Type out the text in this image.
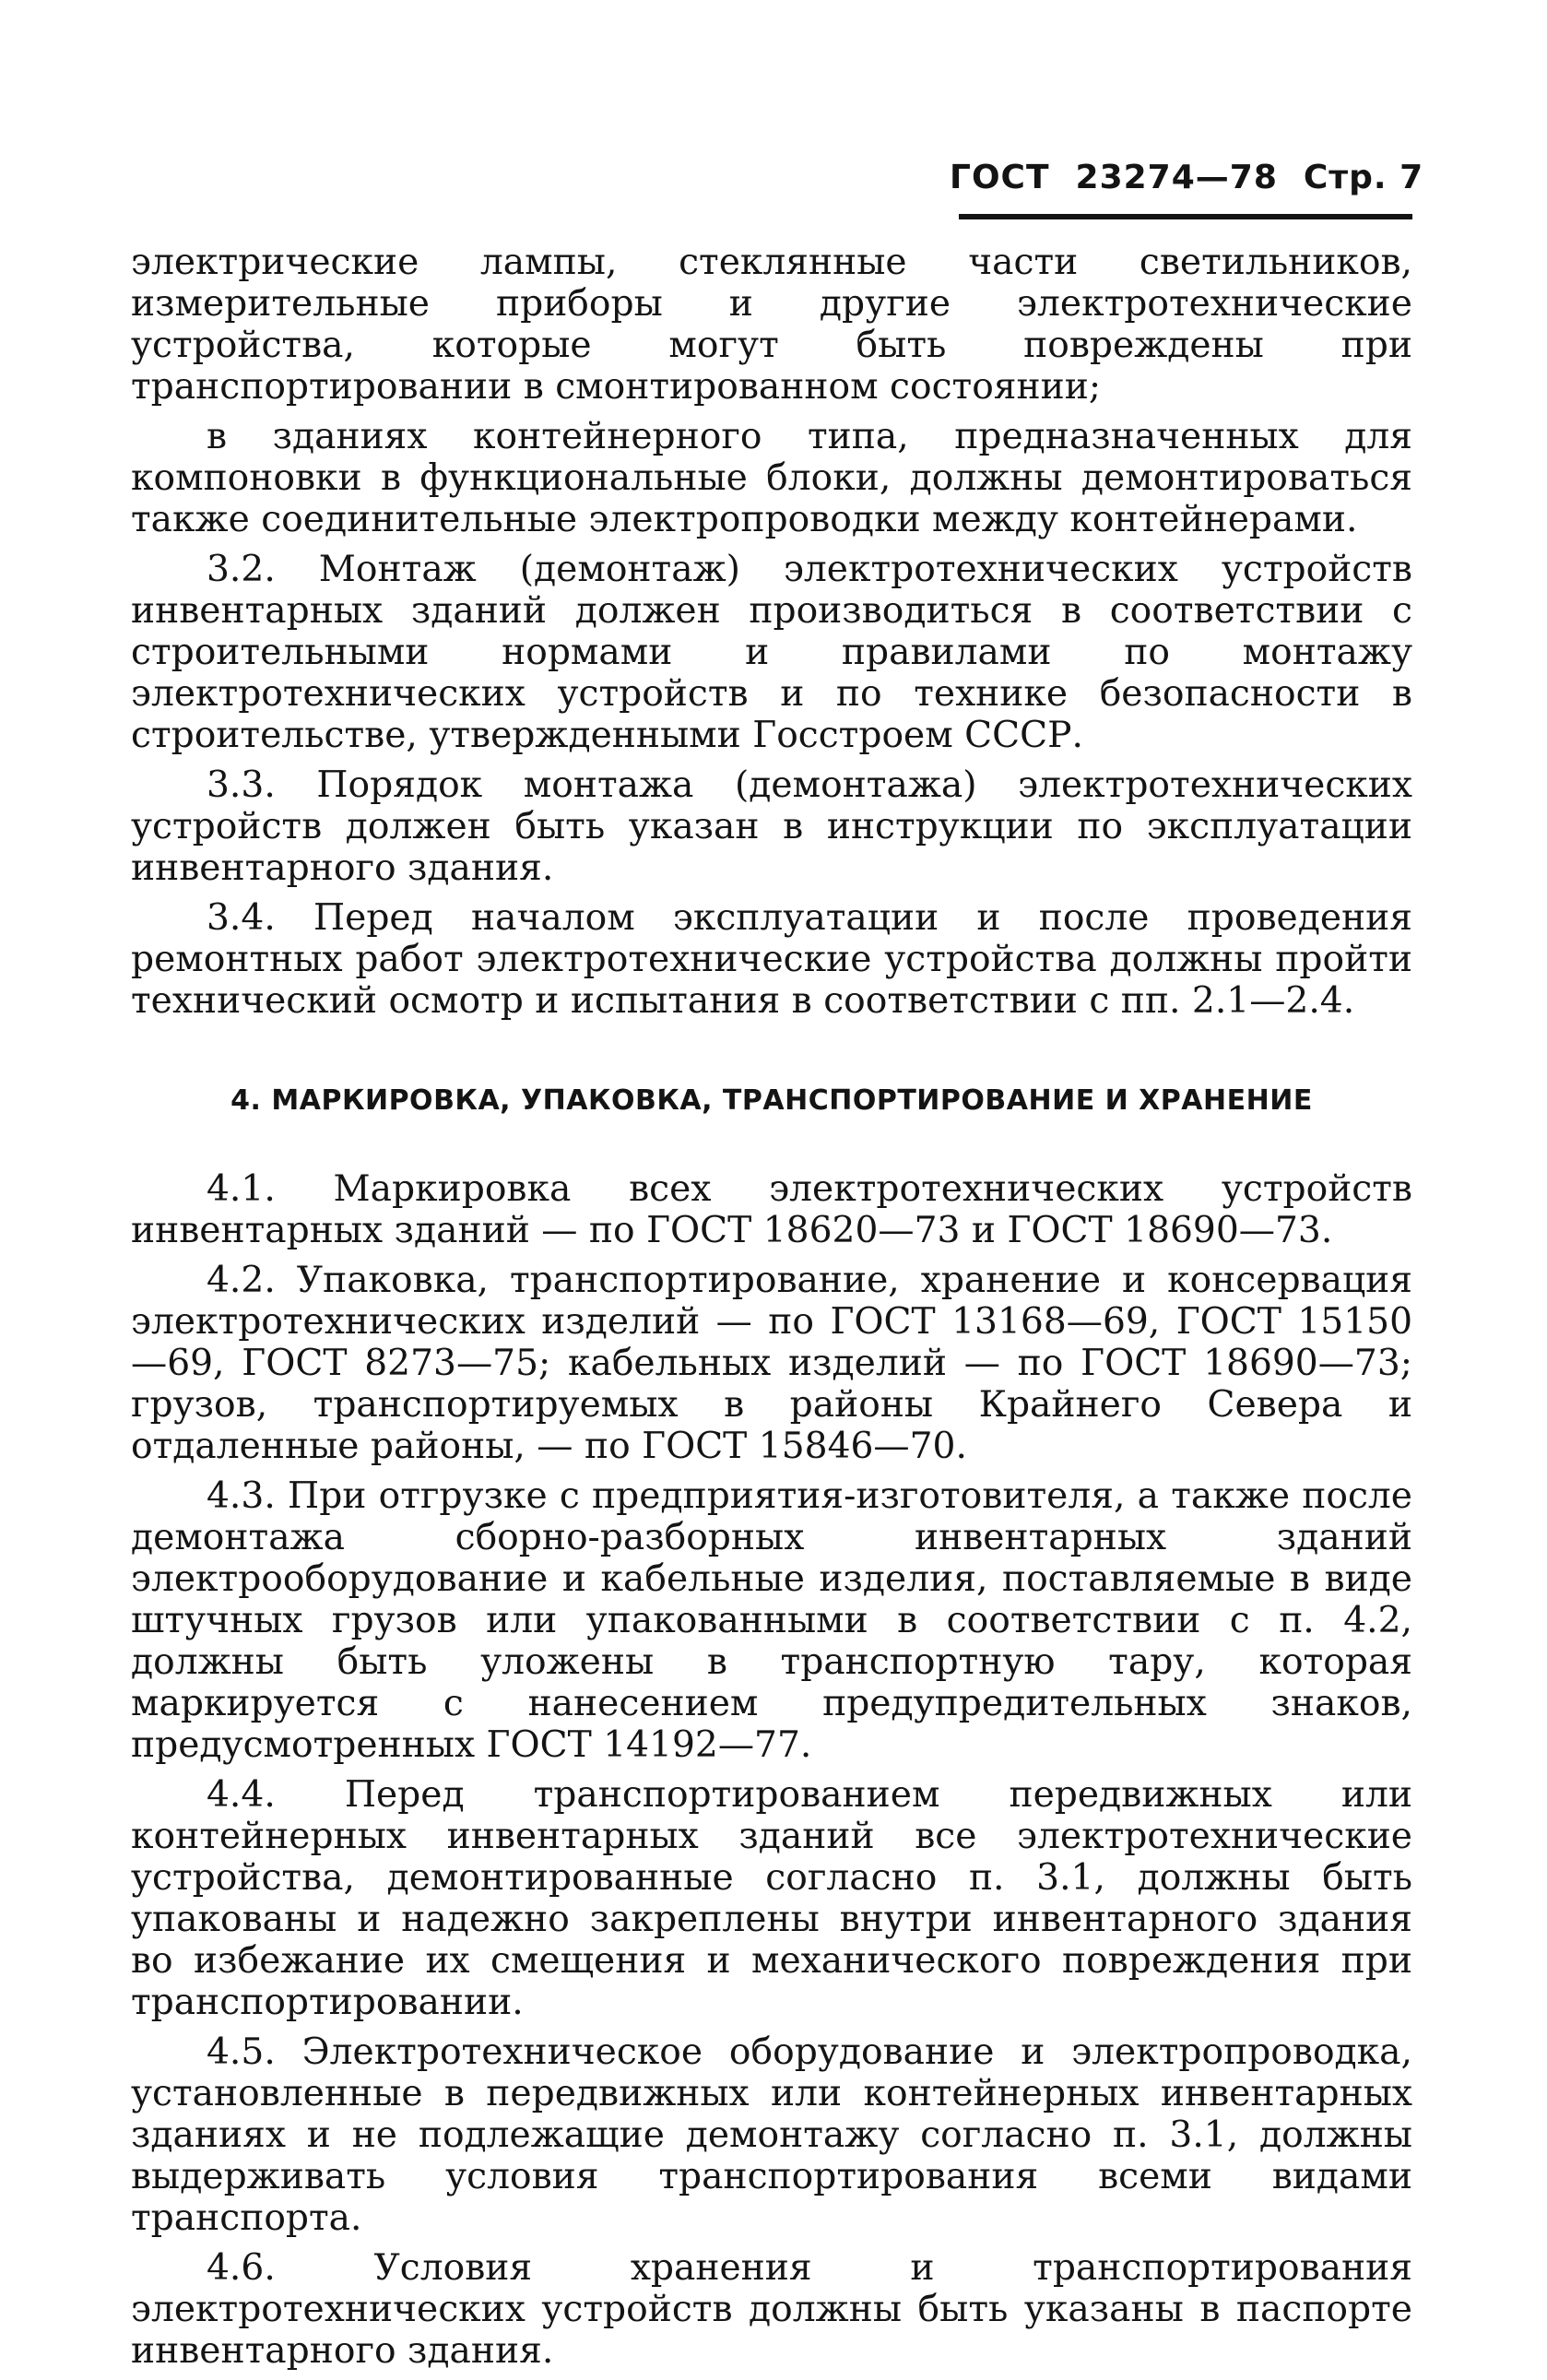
ГОСТ 23274—78 Стр. 7

электрические лампы, стеклянные части светильников, измерительные приборы и другие электротехнические устройства, которые могут быть повреждены при транспортировании в смонтированном состоянии;

в зданиях контейнерного типа, предназначенных для компоновки в функциональные блоки, должны демонтироваться также соединительные электропроводки между контейнерами.

3.2. Монтаж (демонтаж) электротехнических устройств инвентарных зданий должен производиться в соответствии с строительными нормами и правилами по монтажу электротехнических устройств и по технике безопасности в строительстве, утвержденными Госстроем СССР.

3.3. Порядок монтажа (демонтажа) электротехнических устройств должен быть указан в инструкции по эксплуатации инвентарного здания.

3.4. Перед началом эксплуатации и после проведения ремонтных работ электротехнические устройства должны пройти технический осмотр и испытания в соответствии с пп. 2.1—2.4.

4. МАРКИРОВКА, УПАКОВКА, ТРАНСПОРТИРОВАНИЕ И ХРАНЕНИЕ

4.1. Маркировка всех электротехнических устройств инвентарных зданий — по ГОСТ 18620—73 и ГОСТ 18690—73.

4.2. Упаковка, транспортирование, хранение и консервация электротехнических изделий — по ГОСТ 13168—69, ГОСТ 15150—69, ГОСТ 8273—75; кабельных изделий — по ГОСТ 18690—73; грузов, транспортируемых в районы Крайнего Севера и отдаленные районы, — по ГОСТ 15846—70.

4.3. При отгрузке с предприятия-изготовителя, а также после демонтажа сборно-разборных инвентарных зданий электрооборудование и кабельные изделия, поставляемые в виде штучных грузов или упакованными в соответствии с п. 4.2, должны быть уложены в транспортную тару, которая маркируется с нанесением предупредительных знаков, предусмотренных ГОСТ 14192—77.

4.4. Перед транспортированием передвижных или контейнерных инвентарных зданий все электротехнические устройства, демонтированные согласно п. 3.1, должны быть упакованы и надежно закреплены внутри инвентарного здания во избежание их смещения и механического повреждения при транспортировании.

4.5. Электротехническое оборудование и электропроводка, установленные в передвижных или контейнерных инвентарных зданиях и не подлежащие демонтажу согласно п. 3.1, должны выдерживать условия транспортирования всеми видами транспорта.

4.6. Условия хранения и транспортирования электротехнических устройств должны быть указаны в паспорте инвентарного здания.
